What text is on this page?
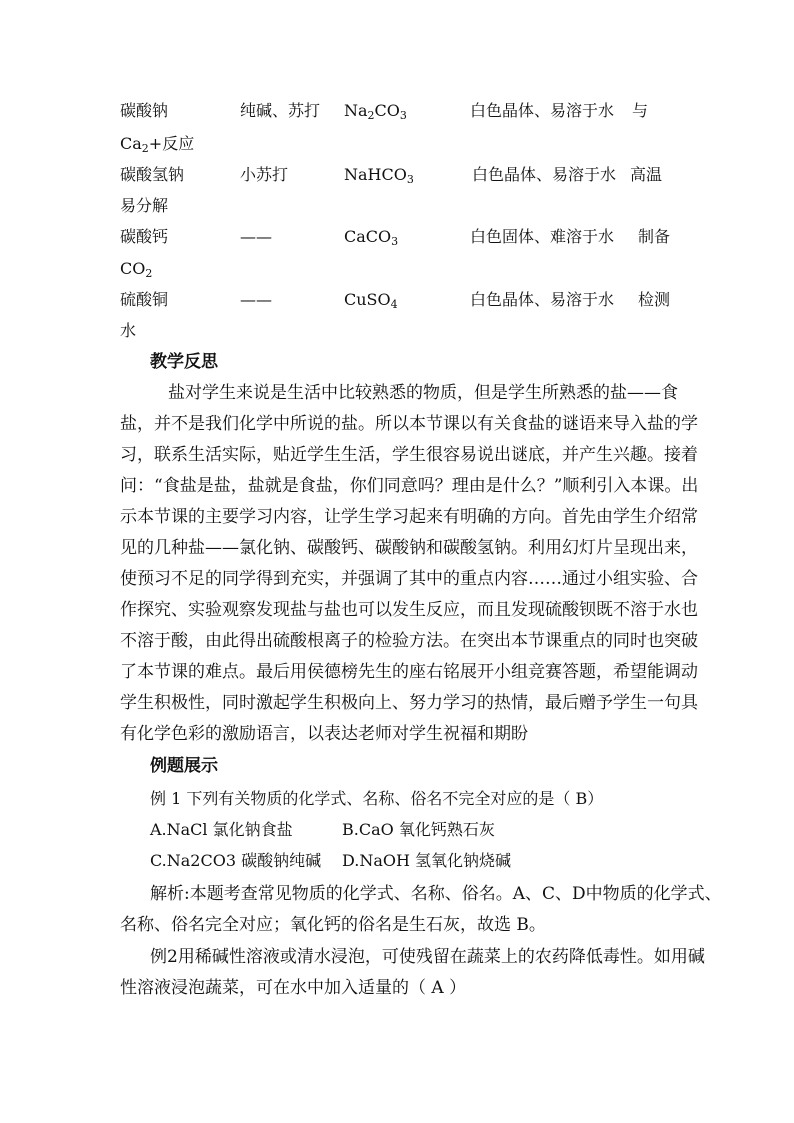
碳酸钠	纯碱、苏打 $Na_2CO_3$	白色晶体、易溶于水 与
$Ca_2+$反应
碳酸氢钠	小苏打	NaHCO$_3$	白色晶体、易溶于水 高温
易分解
碳酸钙	——	CaCO$_3$	白色固体、难溶于水 制备
$CO_2$
硫酸铜	——	CuSO$_4$	白色晶体、易溶于水 检测
水
教学反思
盐 对 学 生 来 说 是 生 活 中 比 较 熟 悉 的 物 质 ， 但 是 学 生 所 熟 悉 的 盐 — — 食
盐 ， 并 不 是 我 们 化 学 中 所 说 的 盐 。 所 以 本 节 课 以 有 关 食 盐 的 谜 语 来 导 入 盐 的 学
习 ， 联 系 生 活 实 际 ， 贴 近 学 生 生 活 ， 学 生 很 容 易 说 出 谜 底 ， 并 产 生 兴 趣 。 接 着
问 ： “ 食 盐 是 盐 ， 盐 就 是 食 盐 ， 你 们 同 意 吗 ？ 理 由 是 什 么 ？ ” 顺 利 引 入 本 课 。 出
示 本 节 课 的 主 要 学 习 内 容 ， 让 学 生 学 习 起 来 有 明 确 的 方 向 。 首 先 由 学 生 介 绍 常
见 的 几 种 盐 — — 氯 化 钠 、 碳 酸 钙 、 碳 酸 钠 和 碳 酸 氢 钠 。 利 用 幻 灯 片 呈 现 出 来 ，
使 预 习 不 足 的 同 学 得 到 充 实 ， 并 强 调 了 其 中 的 重 点 内 容 … … 通 过 小 组 实 验 、 合
作 探 究 、 实 验 观 察 发 现 盐 与 盐 也 可 以 发 生 反 应 ， 而 且 发 现 硫 酸 钡 既 不 溶 于 水 也
不 溶 于 酸 ， 由 此 得 出 硫 酸 根 离 子 的 检 验 方 法 。 在 突 出 本 节 课 重 点 的 同 时 也 突 破
了 本 节 课 的 难 点 。 最 后 用 侯 德 榜 先 生 的 座 右 铭 展 开 小 组 竞 赛 答 题 ， 希 望 能 调 动
学 生 积 极 性 ， 同 时 激 起 学 生 积 极 向 上 、 努 力 学 习 的 热 情 ， 最 后 赠 予 学 生 一 句 具
有化学色彩的激励语言，以表达老师对学生祝福和期盼
例题展示
例 1 下列有关物质的化学式、名称、俗名不完全对应的是（ B）
A.NaCl 氯化钠食盐	B.CaO 氧化钙熟石灰
C.Na2CO3 碳酸钠纯碱 D.NaOH 氢氧化钠烧碱
解 析 : 本 题 考 查 常 见 物 质 的 化 学 式 、 名 称 、 俗 名 。 A 、 C 、 D 中 物 质 的 化 学 式 、
名称、俗名完全对应；氧化钙的俗名是生石灰，故选 B。
例 2 用 稀 碱 性 溶 液 或 清 水 浸 泡 ， 可 使 残 留 在 蔬 菜 上 的 农 药 降 低 毒 性 。 如 用 碱
性溶液浸泡蔬菜，可在水中加入适量的（ A ）
